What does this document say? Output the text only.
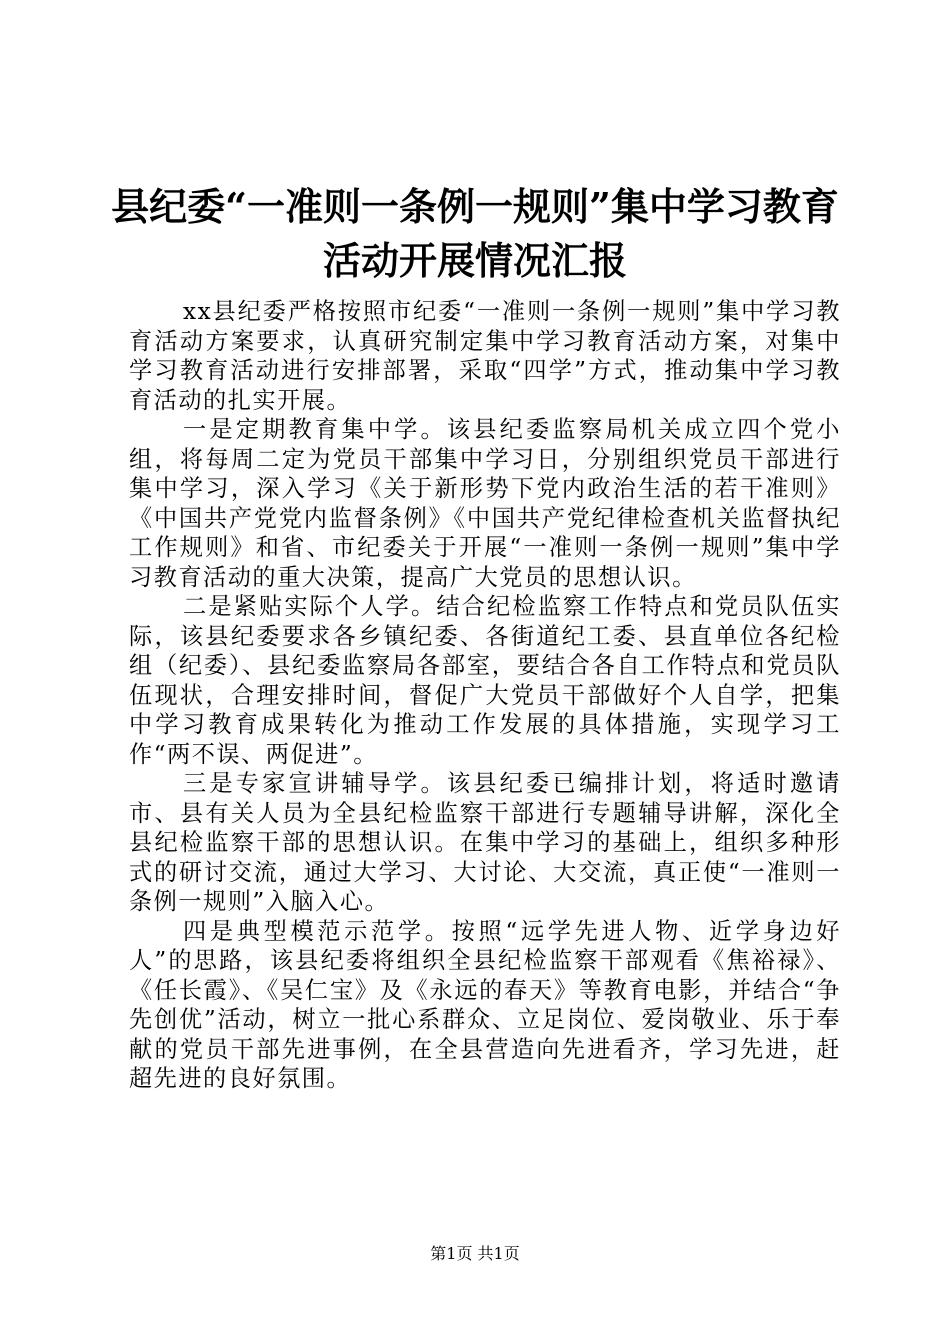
县纪委“一准则一条例一规则”集中学习教育
活动开展情况汇报

xx县纪委严格按照市纪委“一准则一条例一规则”集中学习教育活动方案要求，认真研究制定集中学习教育活动方案，对集中学习教育活动进行安排部署，采取“四学”方式，推动集中学习教育活动的扎实开展。

一是定期教育集中学。该县纪委监察局机关成立四个党小组，将每周二定为党员干部集中学习日，分别组织党员干部进行集中学习，深入学习《关于新形势下党内政治生活的若干准则》《中国共产党党内监督条例》《中国共产党纪律检查机关监督执纪工作规则》和省、市纪委关于开展“一准则一条例一规则”集中学习教育活动的重大决策，提高广大党员的思想认识。

二是紧贴实际个人学。结合纪检监察工作特点和党员队伍实际，该县纪委要求各乡镇纪委、各街道纪工委、县直单位各纪检组（纪委）、县纪委监察局各部室，要结合各自工作特点和党员队伍现状，合理安排时间，督促广大党员干部做好个人自学，把集中学习教育成果转化为推动工作发展的具体措施，实现学习工作“两不误、两促进”。

三是专家宣讲辅导学。该县纪委已编排计划，将适时邀请市、县有关人员为全县纪检监察干部进行专题辅导讲解，深化全县纪检监察干部的思想认识。在集中学习的基础上，组织多种形式的研讨交流，通过大学习、大讨论、大交流，真正使“一准则一条例一规则”入脑入心。

四是典型模范示范学。按照“远学先进人物、近学身边好人”的思路，该县纪委将组织全县纪检监察干部观看《焦裕禄》、《任长霞》、《吴仁宝》及《永远的春天》等教育电影，并结合“争先创优”活动，树立一批心系群众、立足岗位、爱岗敬业、乐于奉献的党员干部先进事例，在全县营造向先进看齐，学习先进，赶超先进的良好氛围。

第1页 共1页
